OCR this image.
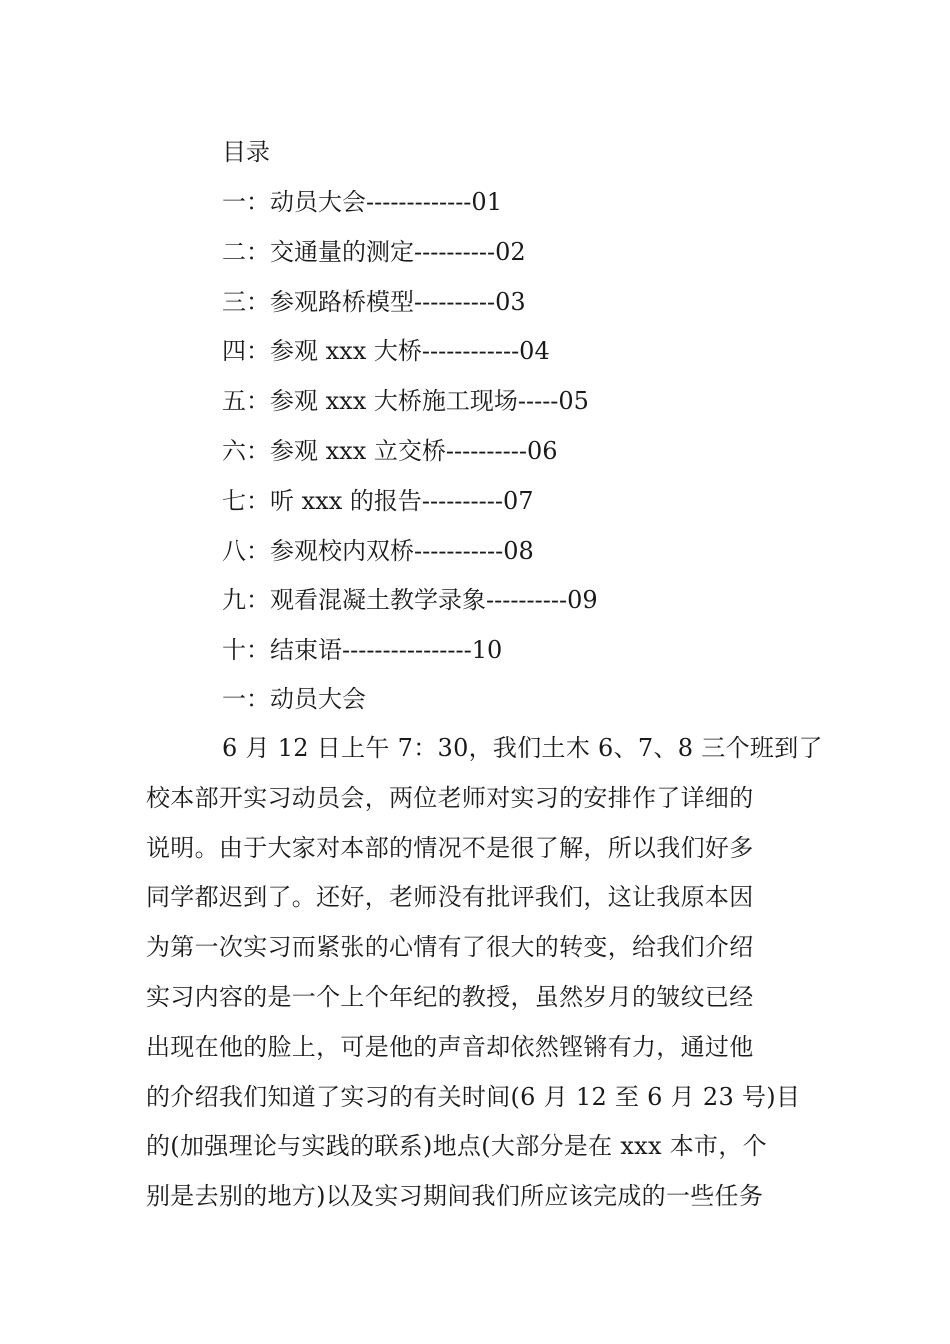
目录
一：动员大会-------------01
二：交通量的测定----------02
三：参观路桥模型----------03
四：参观 xxx 大桥------------04
五：参观 xxx 大桥施工现场-----05
六：参观 xxx 立交桥----------06
七：听 xxx 的报告----------07
八：参观校内双桥-----------08
九：观看混凝土教学录象----------09
十：结束语----------------10
一：动员大会
6 月 12 日上午 7：30，我们土木 6、7、8 三个班到了
校本部开实习动员会，两位老师对实习的安排作了详细的
说明。由于大家对本部的情况不是很了解，所以我们好多
同学都迟到了。还好，老师没有批评我们，这让我原本因
为第一次实习而紧张的心情有了很大的转变，给我们介绍
实习内容的是一个上个年纪的教授，虽然岁月的皱纹已经
出现在他的脸上，可是他的声音却依然铿锵有力，通过他
的介绍我们知道了实习的有关时间(6 月 12 至 6 月 23 号)目
的(加强理论与实践的联系)地点(大部分是在 xxx 本市，个
别是去别的地方)以及实习期间我们所应该完成的一些任务
